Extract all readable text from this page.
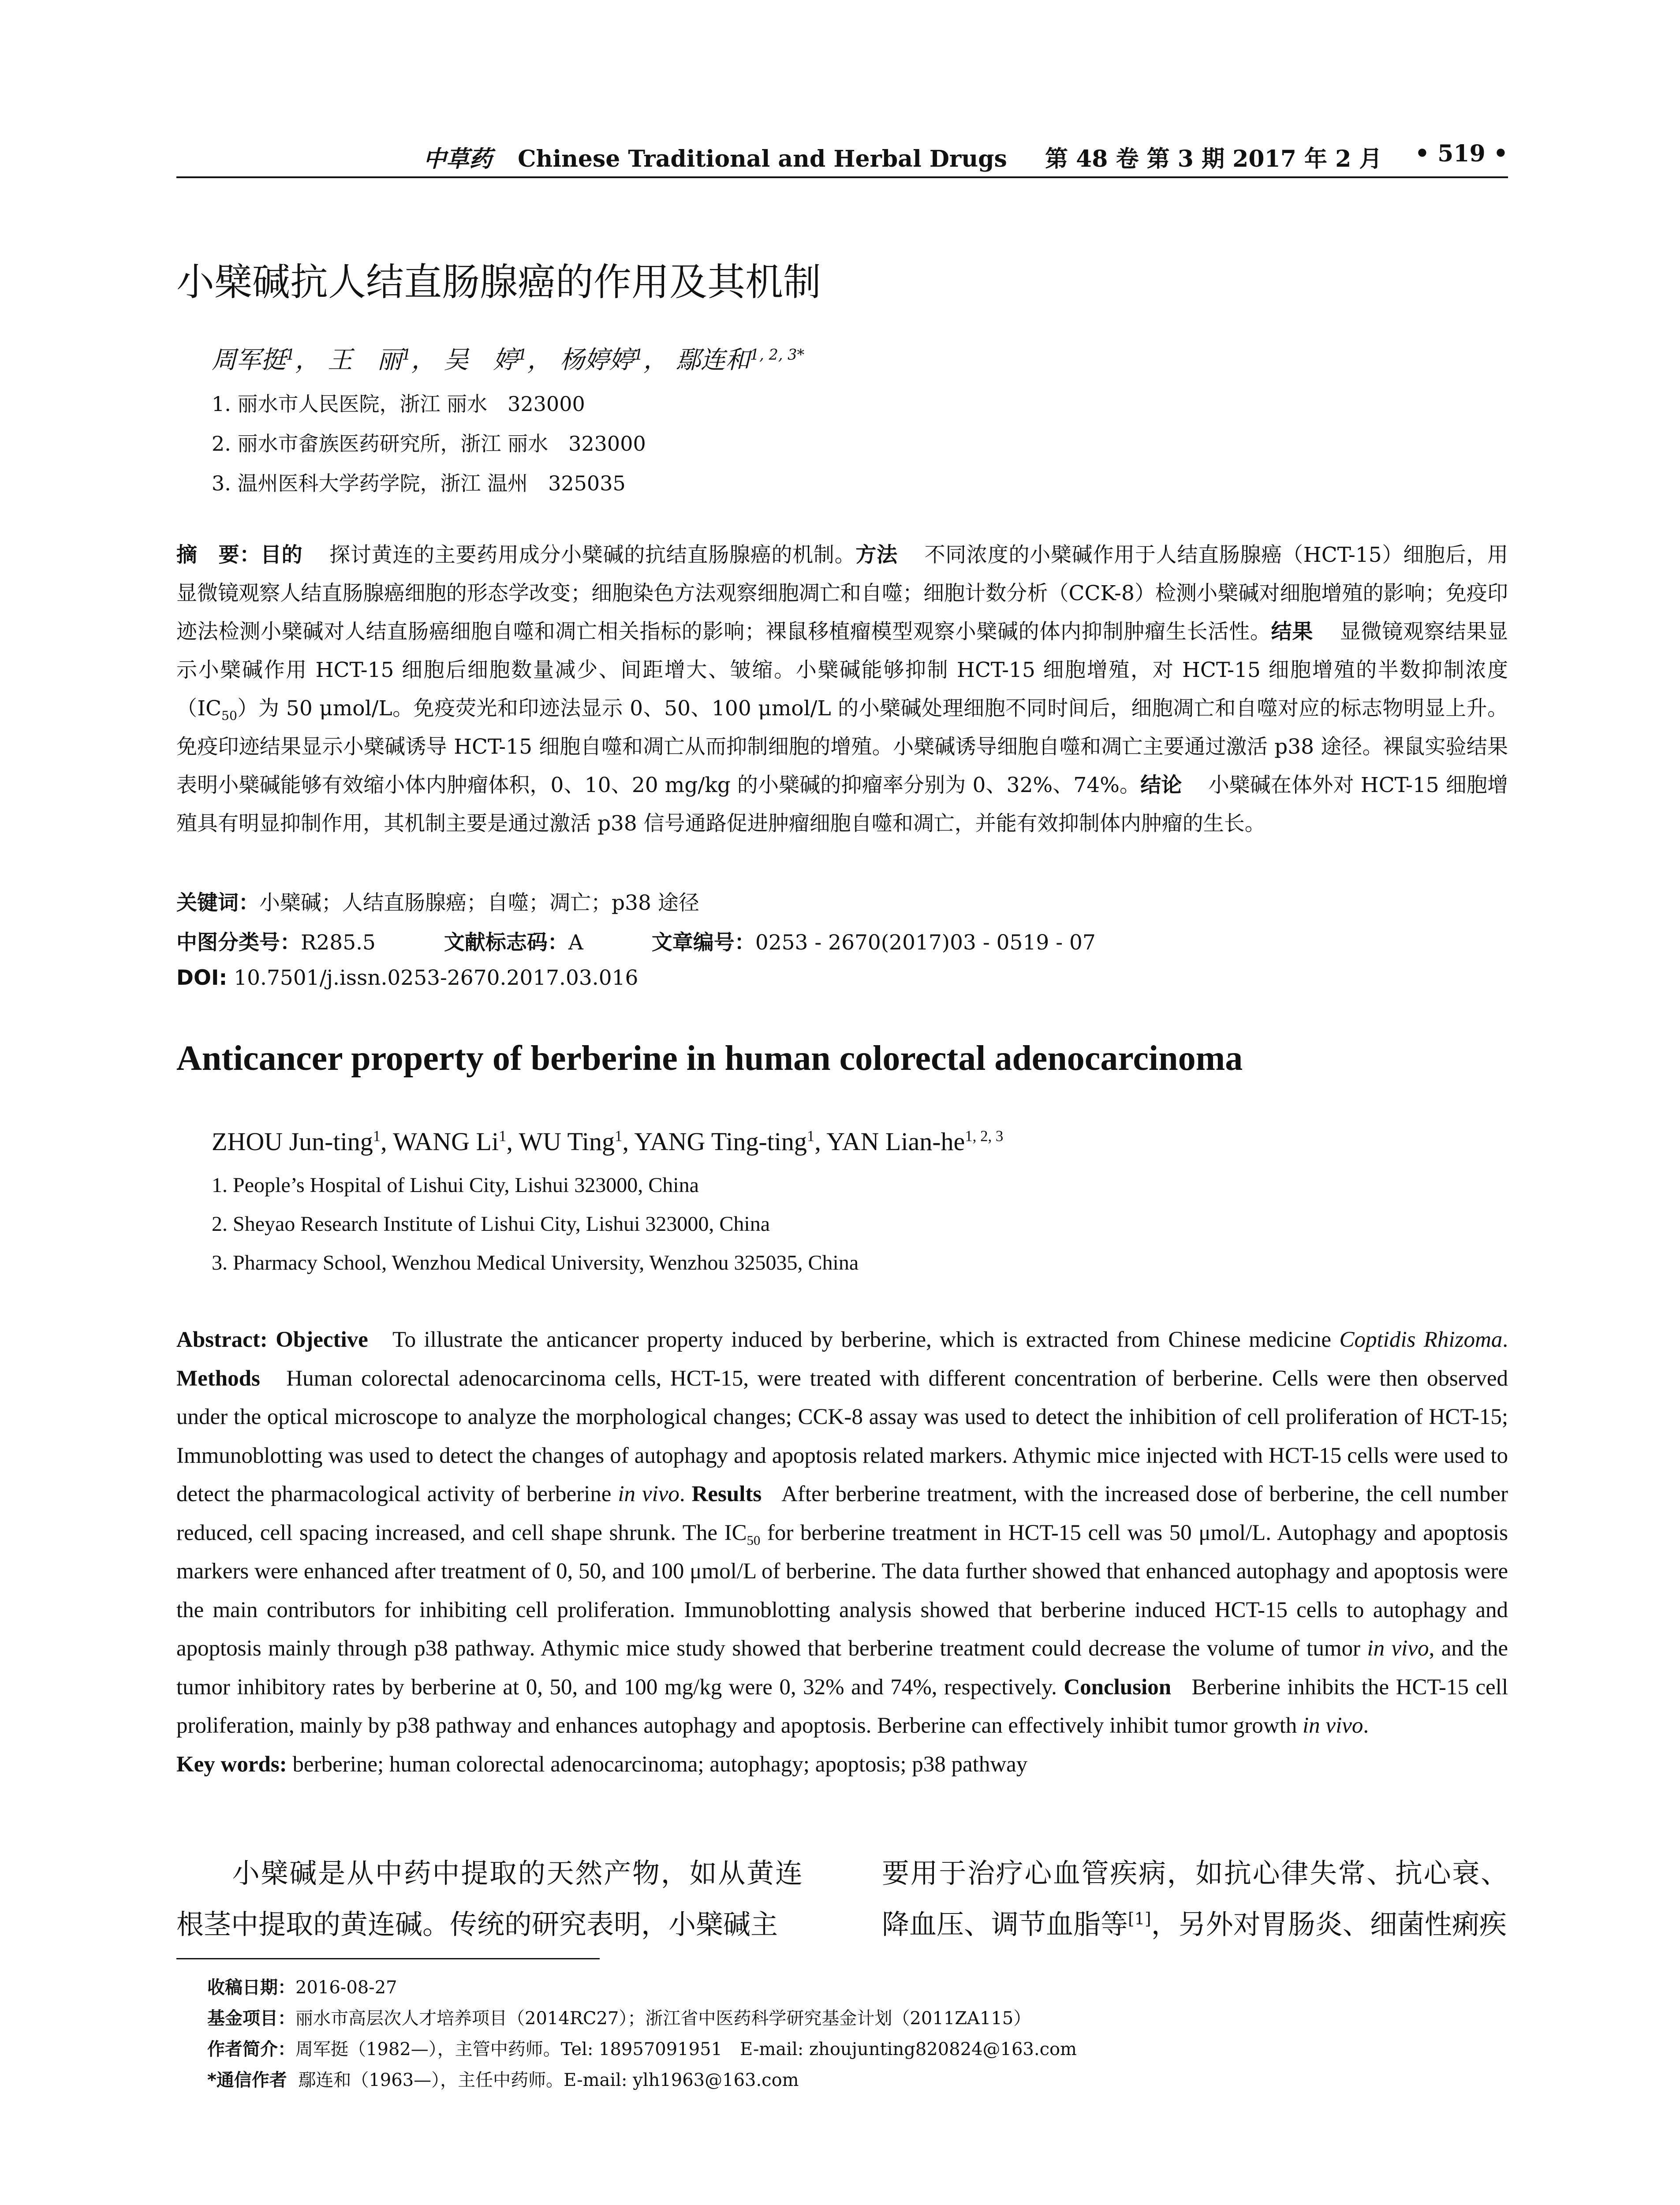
中草药 Chinese Traditional and Herbal Drugs 第 48 卷 第 3 期 2017 年 2 月 • 519 •
小檗碱抗人结直肠腺癌的作用及其机制
周军挺$^1$， 王　丽$^1$， 吴　婷$^1$， 杨婷婷$^1$， 鄢连和$^{1, 2, 3*}$
1. 丽水市人民医院，浙江 丽水　323000
2. 丽水市畲族医药研究所，浙江 丽水　323000
3. 温州医科大学药学院，浙江 温州　325035
摘　要：目的 探讨黄连的主要药用成分小檗碱的抗结直肠腺癌的机制。方法 不同浓度的小檗碱作用于人结直肠腺癌（HCT-15）细胞后，用显微镜观察人结直肠腺癌细胞的形态学改变；细胞染色方法观察细胞凋亡和自噬；细胞计数分析（CCK-8）检测小檗碱对细胞增殖的影响；免疫印迹法检测小檗碱对人结直肠癌细胞自噬和凋亡相关指标的影响；裸鼠移植瘤模型观察小檗碱的体内抑制肿瘤生长活性。结果 显微镜观察结果显示小檗碱作用 HCT-15 细胞后细胞数量减少、间距增大、皱缩。小檗碱能够抑制 HCT-15 细胞增殖，对 HCT-15 细胞增殖的半数抑制浓度$(IC_{50})$为 50 μmol/L。免疫荧光和印迹法显示 0、50、100 μmol/L 的小檗碱处理细胞不同时间后，细胞凋亡和自噬对应的标志物明显上升。免疫印迹结果显示小檗碱诱导 HCT-15 细胞自噬和凋亡从而抑制细胞的增殖。小檗碱诱导细胞自噬和凋亡主要通过激活 p38 途径。裸鼠实验结果表明小檗碱能够有效缩小体内肿瘤体积，0、10、20 mg/kg 的小檗碱的抑瘤率分别为 0、32%、74%。结论 小檗碱在体外对 HCT-15 细胞增殖具有明显抑制作用，其机制主要是通过激活 p38 信号通路促进肿瘤细胞自噬和凋亡，并能有效抑制体内肿瘤的生长。
关键词：小檗碱；人结直肠腺癌；自噬；凋亡；p38 途径
中图分类号：R285.5	文献标志码：A	文章编号：0253 - 2670(2017)03 - 0519 - 07
DOI: 10.7501/j.issn.0253-2670.2017.03.016
Anticancer property of berberine in human colorectal adenocarcinoma
ZHOU Jun-ting$^1$, WANG Li$^1$, WU Ting$^1$, YANG Ting-ting$^1$, YAN Lian-he$^{1, 2, 3}$
1. People’s Hospital of Lishui City, Lishui 323000, China
2. Sheyao Research Institute of Lishui City, Lishui 323000, China
3. Pharmacy School, Wenzhou Medical University, Wenzhou 325035, China
Abstract: Objective To illustrate the anticancer property induced by berberine, which is extracted from Chinese medicine Coptidis Rhizoma. Methods Human colorectal adenocarcinoma cells, HCT-15, were treated with different concentration of berberine. Cells were then observed under the optical microscope to analyze the morphological changes; CCK-8 assay was used to detect the inhibition of cell proliferation of HCT-15; Immunoblotting was used to detect the changes of autophagy and apoptosis related markers. Athymic mice injected with HCT-15 cells were used to detect the pharmacological activity of berberine in vivo. Results After berberine treatment, with the increased dose of berberine, the cell number reduced, cell spacing increased, and cell shape shrunk. The $IC_{50}$ for berberine treatment in HCT-15 cell was 50 μmol/L. Autophagy and apoptosis markers were enhanced after treatment of 0, 50, and 100 μmol/L of berberine. The data further showed that enhanced autophagy and apoptosis were the main contributors for inhibiting cell proliferation. Immunoblotting analysis showed that berberine induced HCT-15 cells to autophagy and apoptosis mainly through p38 pathway. Athymic mice study showed that berberine treatment could decrease the volume of tumor in vivo, and the tumor inhibitory rates by berberine at 0, 50, and 100 mg/kg were 0, 32% and 74%, respectively. Conclusion Berberine inhibits the HCT-15 cell proliferation, mainly by p38 pathway and enhances autophagy and apoptosis. Berberine can effectively inhibit tumor growth in vivo.
Key words: berberine; human colorectal adenocarcinoma; autophagy; apoptosis; p38 pathway
小檗碱是从中药中提取的天然产物，如从黄连根茎中提取的黄连碱。传统的研究表明，小檗碱主
要用于治疗心血管疾病，如抗心律失常、抗心衰、降血压、调节血脂等[1]，另外对胃肠炎、细菌性痢疾
收稿日期：2016-08-27
基金项目：丽水市高层次人才培养项目（2014RC27）；浙江省中医药科学研究基金计划（2011ZA115）
作者简介：周军挺（1982—），主管中药师。Tel: 18957091951　E-mail: zhoujunting820824@163.com
*通信作者 鄢连和（1963—），主任中药师。E-mail: ylh1963@163.com
